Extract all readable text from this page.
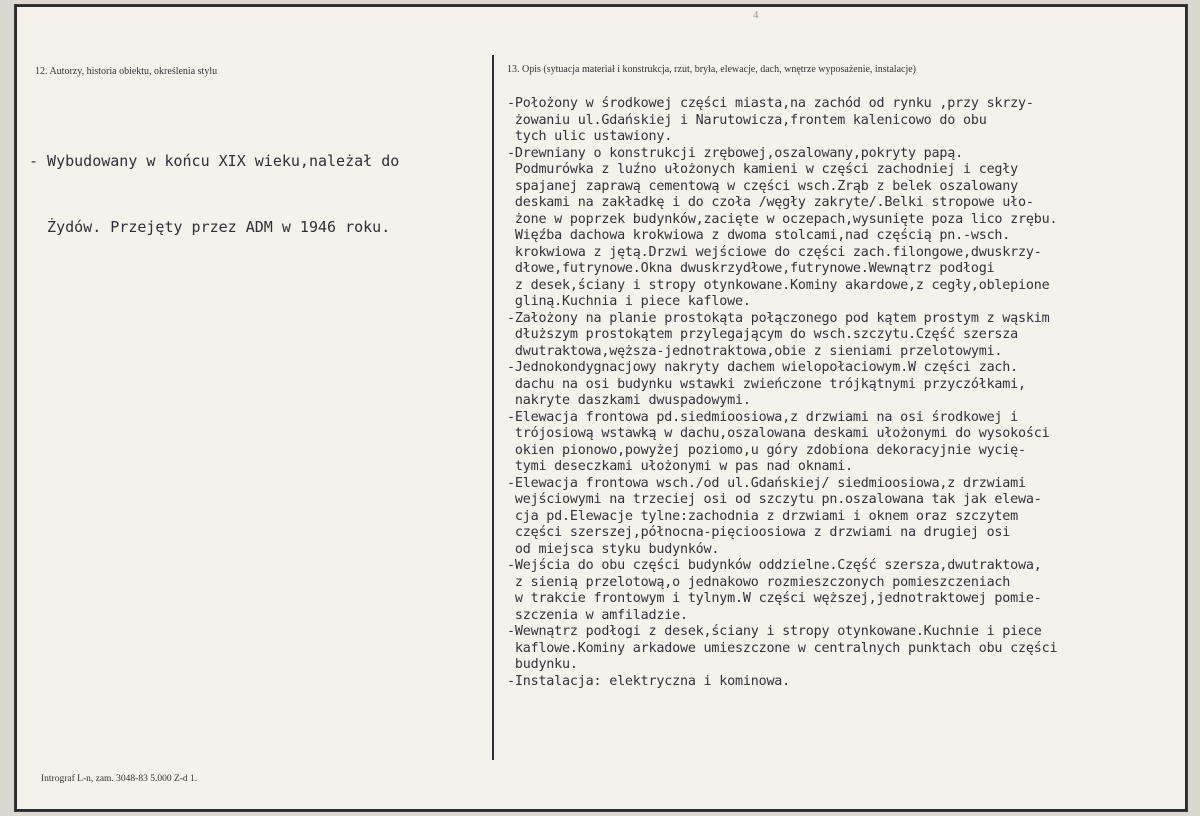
4
12. Autorzy, historia obiektu, określenia stylu	13. Opis (sytuacja materiał i konstrukcja, rzut, bryła, elewacje, dach, wnętrze wyposażenie, instalacje)

- Wybudowany w końcu XIX wieku,należał do

Żydów. Przejęty przez ADM w 1946 roku.

-Położony w środkowej części miasta,na zachód od rynku ,przy skrzy-
żowaniu ul.Gdańskiej i Narutowicza,frontem kalenicowo do obu
tych ulic ustawiony.
-Drewniany o konstrukcji zrębowej,oszalowany,pokryty papą.
Podmurówka z luźno ułożonych kamieni w części zachodniej i cegły
spajanej zaprawą cementową w części wsch.Zrąb z belek oszalowany
deskami na zakładkę i do czoła /węgły zakryte/.Belki stropowe uło-
żone w poprzek budynków,zacięte w oczepach,wysunięte poza lico zrębu.
Więźba dachowa krokwiowa z dwoma stolcami,nad częścią pn.-wsch.
krokwiowa z jętą.Drzwi wejściowe do części zach.filongowe,dwuskrzy-
dłowe,futrynowe.Okna dwuskrzydłowe,futrynowe.Wewnątrz podłogi
z desek,ściany i stropy otynkowane.Kominy akardowe,z cegły,oblepione
gliną.Kuchnia i piece kaflowe.
-Założony na planie prostokąta połączonego pod kątem prostym z wąskim
dłuższym prostokątem przylegającym do wsch.szczytu.Część szersza
dwutraktowa,węższa-jednotraktowa,obie z sieniami przelotowymi.
-Jednokondygnacjowy nakryty dachem wielopołaciowym.W części zach.
dachu na osi budynku wstawki zwieńczone trójkątnymi przyczółkami,
nakryte daszkami dwuspadowymi.
-Elewacja frontowa pd.siedmioosiowa,z drzwiami na osi środkowej i
trójosiową wstawką w dachu,oszalowana deskami ułożonymi do wysokości
okien pionowo,powyżej poziomo,u góry zdobiona dekoracyjnie wycię-
tymi deseczkami ułożonymi w pas nad oknami.
-Elewacja frontowa wsch./od ul.Gdańskiej/ siedmioosiowa,z drzwiami
wejściowymi na trzeciej osi od szczytu pn.oszalowana tak jak elewa-
cja pd.Elewacje tylne:zachodnia z drzwiami i oknem oraz szczytem
części szerszej,północna-pięcioosiowa z drzwiami na drugiej osi
od miejsca styku budynków.
-Wejścia do obu części budynków oddzielne.Część szersza,dwutraktowa,
z sienią przelotową,o jednakowo rozmieszczonych pomieszczeniach
w trakcie frontowym i tylnym.W części węższej,jednotraktowej pomie-
szczenia w amfiladzie.
-Wewnątrz podłogi z desek,ściany i stropy otynkowane.Kuchnie i piece
kaflowe.Kominy arkadowe umieszczone w centralnych punktach obu części
budynku.
-Instalacja: elektryczna i kominowa.
Intrograf L-n, zam. 3048-83 5.000 Z-d 1.
